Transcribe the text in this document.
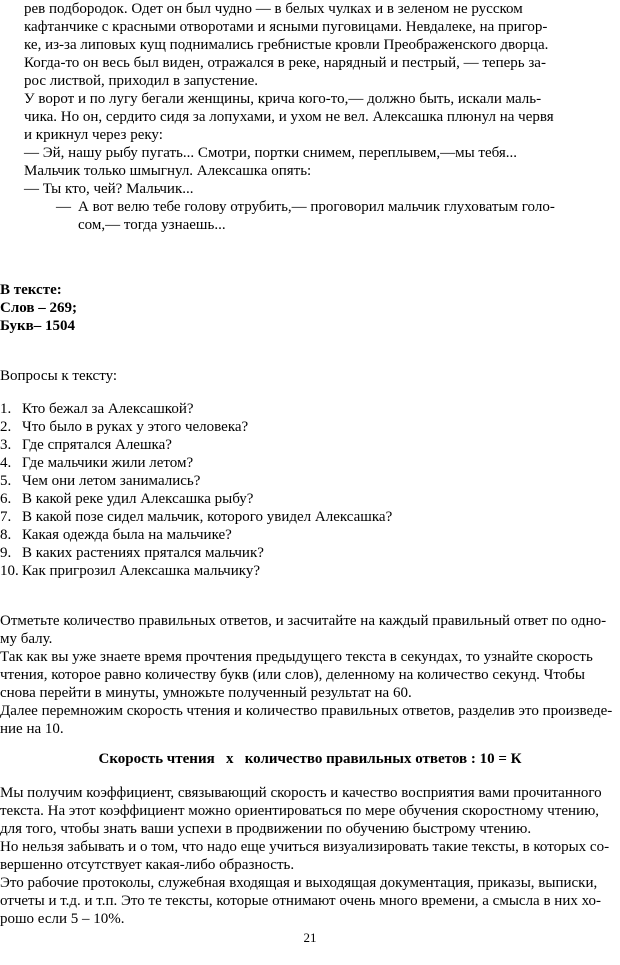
рев подбородок. Одет он был чудно — в белых чулках и в зеленом не русском
кафтанчике с красными отворотами и ясными пуговицами. Невдалеке, на пригор-
ке, из-за липовых кущ поднимались гребнистые кровли Преображенского дворца.
Когда-то он весь был виден, отражался в реке, нарядный и пестрый, — теперь за-
рос листвой, приходил в запустение.
У ворот и по лугу бегали женщины, крича кого-то,— должно быть, искали маль-
чика. Но он, сердито сидя за лопухами, и ухом не вел. Алексашка плюнул на червя
и крикнул через реку:
— Эй, нашу рыбу пугать... Смотри, портки снимем, переплывем,—мы тебя...
Мальчик только шмыгнул. Алексашка опять:
— Ты кто, чей? Мальчик...
— А вот велю тебе голову отрубить,— проговорил мальчик глуховатым голо-
сом,— тогда узнаешь...
В тексте:
Слов – 269;
Букв– 1504
Вопросы к тексту:
1. Кто бежал за Алексашкой?
2. Что было в руках у этого человека?
3. Где спрятался Алешка?
4. Где мальчики жили летом?
5. Чем они летом занимались?
6. В какой реке удил Алексашка рыбу?
7. В какой позе сидел мальчик, которого увидел Алексашка?
8. Какая одежда была на мальчике?
9. В каких растениях прятался мальчик?
10. Как пригрозил Алексашка мальчику?
Отметьте количество правильных ответов, и засчитайте на каждый правильный ответ по одно-
му балу.
Так как вы уже знаете время прочтения предыдущего текста в секундах, то узнайте скорость
чтения, которое равно количеству букв (или слов), деленному на количество секунд. Чтобы
снова перейти в минуты, умножьте полученный результат на 60.
Далее перемножим скорость чтения и количество правильных ответов, разделив это произведе-
ние на 10.
Скорость чтения   х   количество правильных ответов : 10 = К
Мы получим коэффициент, связывающий скорость и качество восприятия вами прочитанного
текста. На этот коэффициент можно ориентироваться по мере обучения скоростному чтению,
для того, чтобы знать ваши успехи в продвижении по обучению быстрому чтению.
Но нельзя забывать и о том, что надо еще учиться визуализировать такие тексты, в которых со-
вершенно отсутствует какая-либо образность.
Это рабочие протоколы, служебная входящая и выходящая документация, приказы, выписки,
отчеты и т.д. и т.п. Это те тексты, которые отнимают очень много времени, а смысла в них хо-
рошо если 5 – 10%.
21
